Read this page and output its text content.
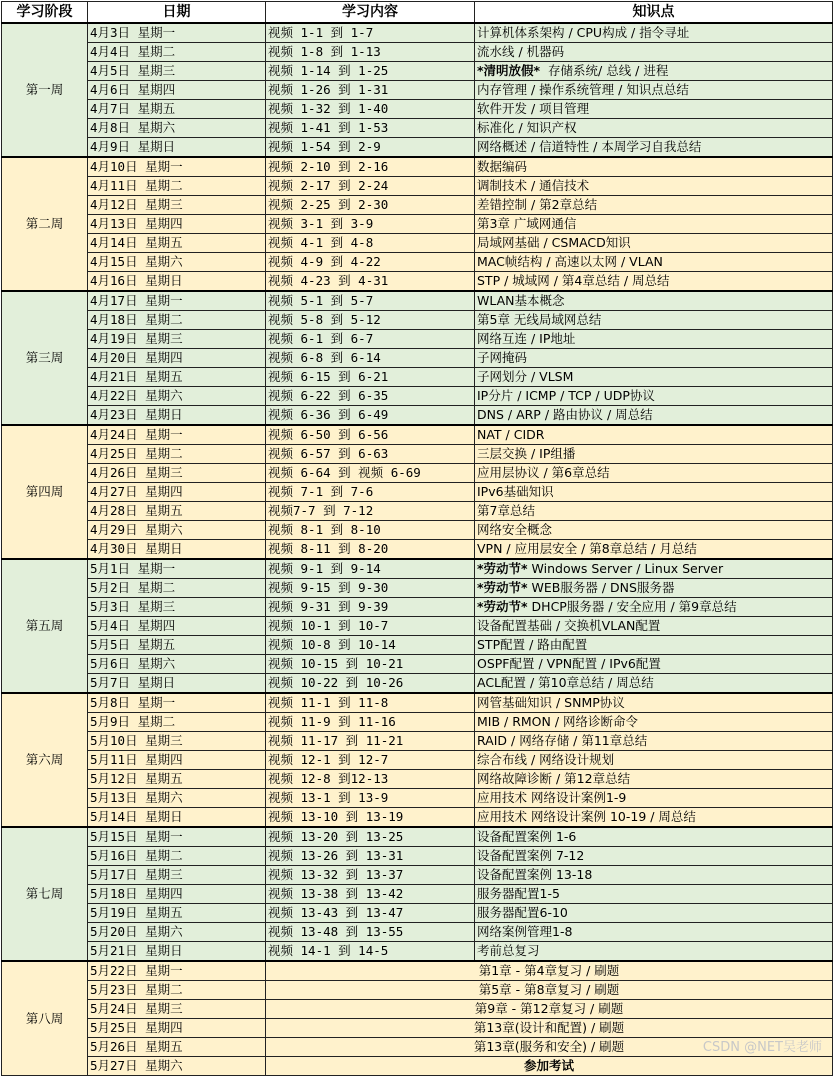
学习阶段	日期	学习内容	知识点
第一周	4月3日 星期一	视频 1-1 到 1-7	计算机体系架构 / CPU构成 / 指令寻址
	4月4日 星期二	视频 1-8 到 1-13	流水线 / 机器码
	4月5日 星期三	视频 1-14 到 1-25	*清明放假*  存储系统/ 总线 / 进程
	4月6日 星期四	视频 1-26 到 1-31	内存管理 / 操作系统管理 / 知识点总结
	4月7日 星期五	视频 1-32 到 1-40	软件开发 / 项目管理
	4月8日 星期六	视频 1-41 到 1-53	标准化 / 知识产权
	4月9日 星期日	视频 1-54 到 2-9	网络概述 / 信道特性 / 本周学习自我总结
第二周	4月10日 星期一	视频 2-10 到 2-16	数据编码
	4月11日 星期二	视频 2-17 到 2-24	调制技术 / 通信技术
	4月12日 星期三	视频 2-25 到 2-30	差错控制 / 第2章总结
	4月13日 星期四	视频 3-1 到 3-9	第3章 广域网通信
	4月14日 星期五	视频 4-1 到 4-8	局域网基础 / CSMACD知识
	4月15日 星期六	视频 4-9 到 4-22	MAC帧结构 / 高速以太网 / VLAN
	4月16日 星期日	视频 4-23 到 4-31	STP / 城域网 / 第4章总结 / 周总结
第三周	4月17日 星期一	视频 5-1 到 5-7	WLAN基本概念
	4月18日 星期二	视频 5-8 到 5-12	第5章 无线局域网总结
	4月19日 星期三	视频 6-1 到 6-7	网络互连 / IP地址
	4月20日 星期四	视频 6-8 到 6-14	子网掩码
	4月21日 星期五	视频 6-15 到 6-21	子网划分 / VLSM
	4月22日 星期六	视频 6-22 到 6-35	IP分片 / ICMP / TCP / UDP协议
	4月23日 星期日	视频 6-36 到 6-49	DNS / ARP / 路由协议 / 周总结
第四周	4月24日 星期一	视频 6-50 到 6-56	NAT / CIDR
	4月25日 星期二	视频 6-57 到 6-63	三层交换 / IP组播
	4月26日 星期三	视频 6-64 到 视频 6-69	应用层协议 / 第6章总结
	4月27日 星期四	视频 7-1 到 7-6	IPv6基础知识
	4月28日 星期五	视频7-7 到 7-12	第7章总结
	4月29日 星期六	视频 8-1 到 8-10	网络安全概念
	4月30日 星期日	视频 8-11 到 8-20	VPN / 应用层安全 / 第8章总结 / 月总结
第五周	5月1日 星期一	视频 9-1 到 9-14	*劳动节* Windows Server / Linux Server
	5月2日 星期二	视频 9-15 到 9-30	*劳动节* WEB服务器 / DNS服务器
	5月3日 星期三	视频 9-31 到 9-39	*劳动节* DHCP服务器 / 安全应用 / 第9章总结
	5月4日 星期四	视频 10-1 到 10-7	设备配置基础 / 交换机VLAN配置
	5月5日 星期五	视频 10-8 到 10-14	STP配置 / 路由配置
	5月6日 星期六	视频 10-15 到 10-21	OSPF配置 / VPN配置 / IPv6配置
	5月7日 星期日	视频 10-22 到 10-26	ACL配置 / 第10章总结 / 周总结
第六周	5月8日 星期一	视频 11-1 到 11-8	网管基础知识 / SNMP协议
	5月9日 星期二	视频 11-9 到 11-16	MIB / RMON / 网络诊断命令
	5月10日 星期三	视频 11-17 到 11-21	RAID / 网络存储 / 第11章总结
	5月11日 星期四	视频 12-1 到 12-7	综合布线 / 网络设计规划
	5月12日 星期五	视频 12-8 到12-13	网络故障诊断 / 第12章总结
	5月13日 星期六	视频 13-1 到 13-9	应用技术 网络设计案例1-9
	5月14日 星期日	视频 13-10 到 13-19	应用技术 网络设计案例 10-19 / 周总结
第七周	5月15日 星期一	视频 13-20 到 13-25	设备配置案例 1-6
	5月16日 星期二	视频 13-26 到 13-31	设备配置案例 7-12
	5月17日 星期三	视频 13-32 到 13-37	设备配置案例 13-18
	5月18日 星期四	视频 13-38 到 13-42	服务器配置1-5
	5月19日 星期五	视频 13-43 到 13-47	服务器配置6-10
	5月20日 星期六	视频 13-48 到 13-55	网络案例管理1-8
	5月21日 星期日	视频 14-1 到 14-5	考前总复习
第八周	5月22日 星期一	第1章 - 第4章复习 / 刷题	
	5月23日 星期二	第5章 - 第8章复习 / 刷题	
	5月24日 星期三	第9章 - 第12章复习 / 刷题	
	5月25日 星期四	第13章(设计和配置) / 刷题	
	5月26日 星期五	第13章(服务和安全) / 刷题	
	5月27日 星期六	参加考试	
CSDN @NET吴老师
